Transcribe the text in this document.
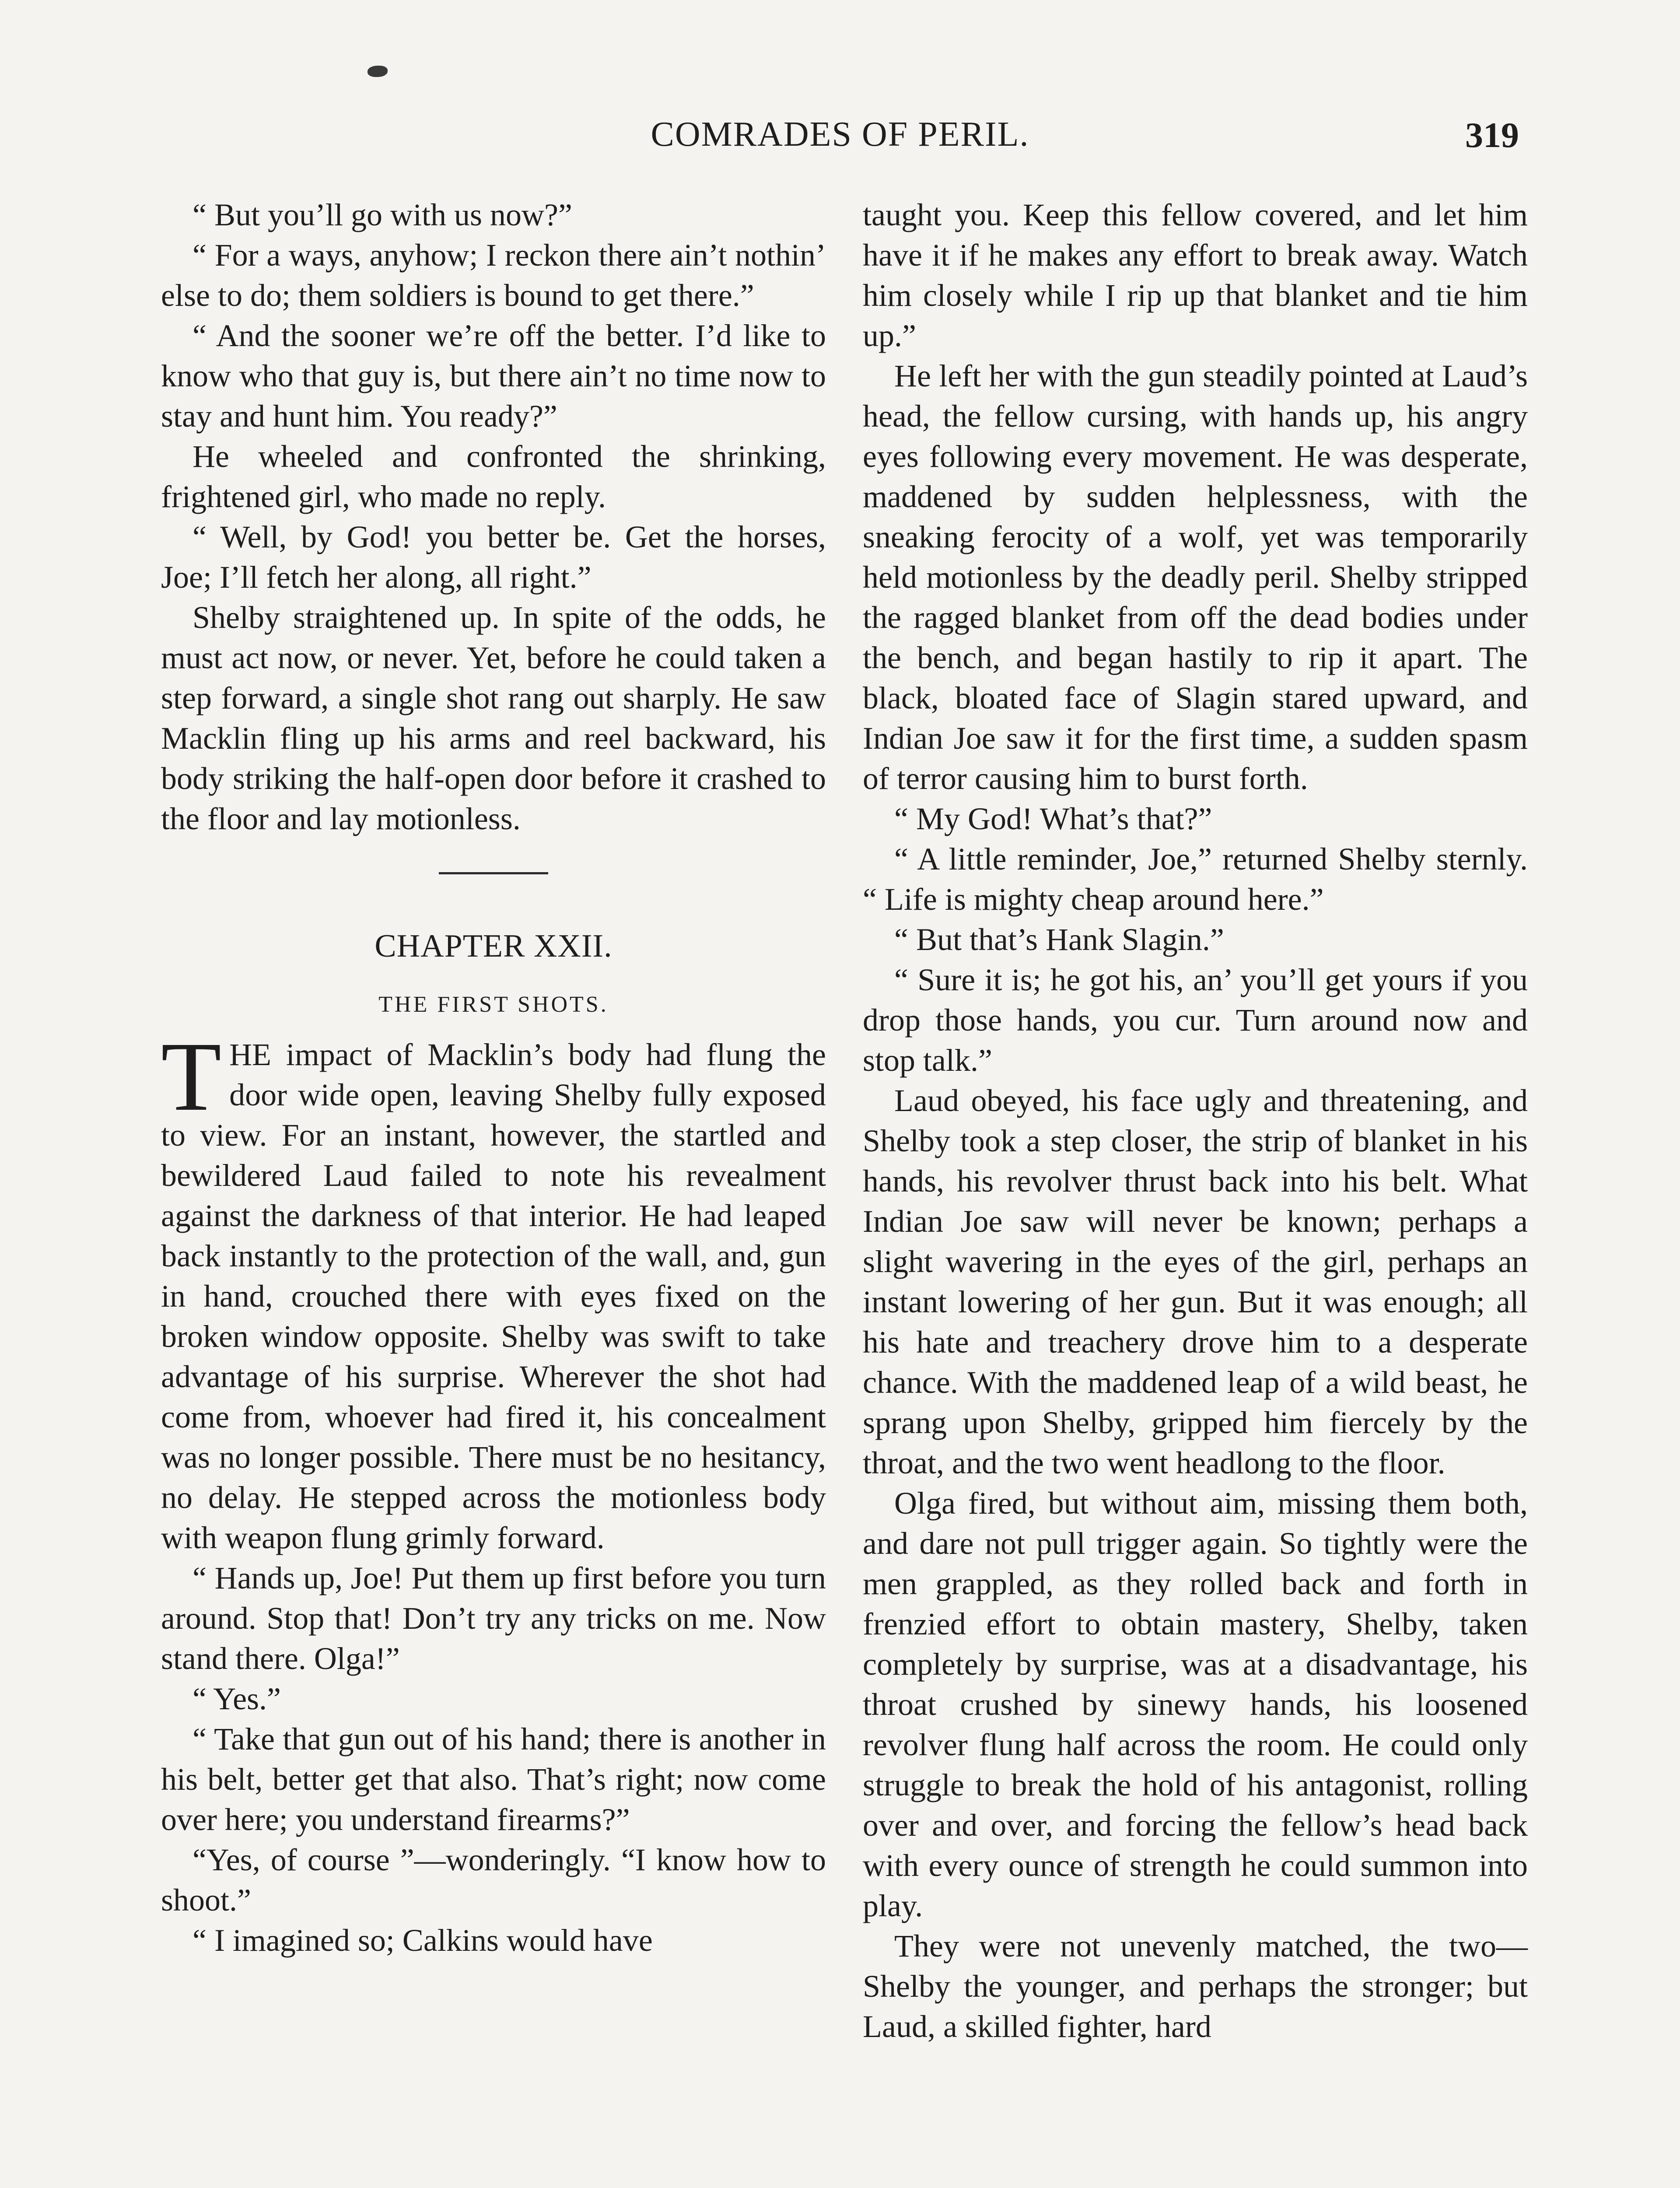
COMRADES OF PERIL.	319

“ But you’ll go with us now?”

“ For a ways, anyhow; I reckon there ain’t nothin’ else to do; them soldiers is bound to get there.”

“ And the sooner we’re off the better. I’d like to know who that guy is, but there ain’t no time now to stay and hunt him. You ready?”

He wheeled and confronted the shrinking, frightened girl, who made no reply.

“ Well, by God! you better be. Get the horses, Joe; I’ll fetch her along, all right.”

Shelby straightened up. In spite of the odds, he must act now, or never. Yet, before he could taken a step forward, a single shot rang out sharply. He saw Macklin fling up his arms and reel backward, his body striking the half-open door before it crashed to the floor and lay motionless.

CHAPTER XXII.
THE FIRST SHOTS.

THE impact of Macklin’s body had flung the door wide open, leaving Shelby fully exposed to view. For an instant, however, the startled and bewildered Laud failed to note his revealment against the darkness of that interior. He had leaped back instantly to the protection of the wall, and, gun in hand, crouched there with eyes fixed on the broken window opposite. Shelby was swift to take advantage of his surprise. Wherever the shot had come from, whoever had fired it, his concealment was no longer possible. There must be no hesitancy, no delay. He stepped across the motionless body with weapon flung grimly forward.

“ Hands up, Joe! Put them up first before you turn around. Stop that! Don’t try any tricks on me. Now stand there. Olga!”

“ Yes.”

“ Take that gun out of his hand; there is another in his belt, better get that also. That’s right; now come over here; you understand firearms?”

“Yes, of course ”—wonderingly. “I know how to shoot.”

“ I imagined so; Calkins would have

taught you. Keep this fellow covered, and let him have it if he makes any effort to break away. Watch him closely while I rip up that blanket and tie him up.”

He left her with the gun steadily pointed at Laud’s head, the fellow cursing, with hands up, his angry eyes following every movement. He was desperate, maddened by sudden helplessness, with the sneaking ferocity of a wolf, yet was temporarily held motionless by the deadly peril. Shelby stripped the ragged blanket from off the dead bodies under the bench, and began hastily to rip it apart. The black, bloated face of Slagin stared upward, and Indian Joe saw it for the first time, a sudden spasm of terror causing him to burst forth.

“ My God! What’s that?”

“ A little reminder, Joe,” returned Shelby sternly. “ Life is mighty cheap around here.”

“ But that’s Hank Slagin.”

“ Sure it is; he got his, an’ you’ll get yours if you drop those hands, you cur. Turn around now and stop talk.”

Laud obeyed, his face ugly and threatening, and Shelby took a step closer, the strip of blanket in his hands, his revolver thrust back into his belt. What Indian Joe saw will never be known; perhaps a slight wavering in the eyes of the girl, perhaps an instant lowering of her gun. But it was enough; all his hate and treachery drove him to a desperate chance. With the maddened leap of a wild beast, he sprang upon Shelby, gripped him fiercely by the throat, and the two went headlong to the floor.

Olga fired, but without aim, missing them both, and dare not pull trigger again. So tightly were the men grappled, as they rolled back and forth in frenzied effort to obtain mastery, Shelby, taken completely by surprise, was at a disadvantage, his throat crushed by sinewy hands, his loosened revolver flung half across the room. He could only struggle to break the hold of his antagonist, rolling over and over, and forcing the fellow’s head back with every ounce of strength he could summon into play.

They were not unevenly matched, the two—Shelby the younger, and perhaps the stronger; but Laud, a skilled fighter, hard
